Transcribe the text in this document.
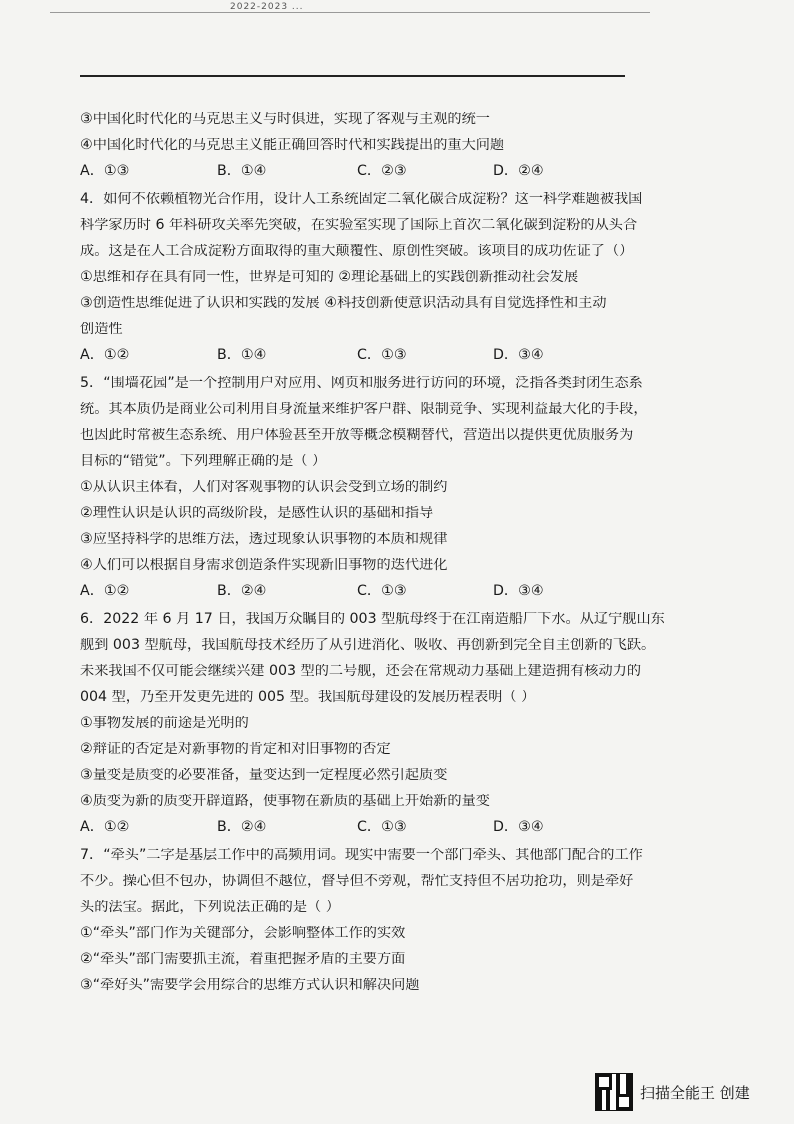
2022-2023 ...
③中国化时代化的马克思主义与时俱进，实现了客观与主观的统一
④中国化时代化的马克思主义能正确回答时代和实践提出的重大问题
A．①③	B．①④	C．②③	D．②④
4．如何不依赖植物光合作用，设计人工系统固定二氧化碳合成淀粉？这一科学难题被我国
科学家历时 6 年科研攻关率先突破，在实验室实现了国际上首次二氧化碳到淀粉的从头合
成。这是在人工合成淀粉方面取得的重大颠覆性、原创性突破。该项目的成功佐证了（）
①思维和存在具有同一性，世界是可知的 ②理论基础上的实践创新推动社会发展
③创造性思维促进了认识和实践的发展 ④科技创新使意识活动具有自觉选择性和主动
创造性
A．①②	B．①④	C．①③	D．③④
5．“围墙花园”是一个控制用户对应用、网页和服务进行访问的环境，泛指各类封闭生态系
统。其本质仍是商业公司利用自身流量来维护客户群、限制竞争、实现利益最大化的手段，
也因此时常被生态系统、用户体验甚至开放等概念模糊替代，营造出以提供更优质服务为
目标的“错觉”。下列理解正确的是（ ）
①从认识主体看，人们对客观事物的认识会受到立场的制约
②理性认识是认识的高级阶段，是感性认识的基础和指导
③应坚持科学的思维方法，透过现象认识事物的本质和规律
④人们可以根据自身需求创造条件实现新旧事物的迭代进化
A．①②	B．②④	C．①③	D．③④
6．2022 年 6 月 17 日，我国万众瞩目的 003 型航母终于在江南造船厂下水。从辽宁舰山东
舰到 003 型航母，我国航母技术经历了从引进消化、吸收、再创新到完全自主创新的飞跃。
未来我国不仅可能会继续兴建 003 型的二号舰，还会在常规动力基础上建造拥有核动力的
004 型，乃至开发更先进的 005 型。我国航母建设的发展历程表明（ ）
①事物发展的前途是光明的
②辩证的否定是对新事物的肯定和对旧事物的否定
③量变是质变的必要准备，量变达到一定程度必然引起质变
④质变为新的质变开辟道路，使事物在新质的基础上开始新的量变
A．①②	B．②④	C．①③	D．③④
7．“牵头”二字是基层工作中的高频用词。现实中需要一个部门牵头、其他部门配合的工作
不少。操心但不包办，协调但不越位，督导但不旁观，帮忙支持但不居功抢功，则是牵好
头的法宝。据此，下列说法正确的是（ ）
①“牵头”部门作为关键部分，会影响整体工作的实效
②“牵头”部门需要抓主流，着重把握矛盾的主要方面
③“牵好头”需要学会用综合的思维方式认识和解决问题
扫描全能王 创建
